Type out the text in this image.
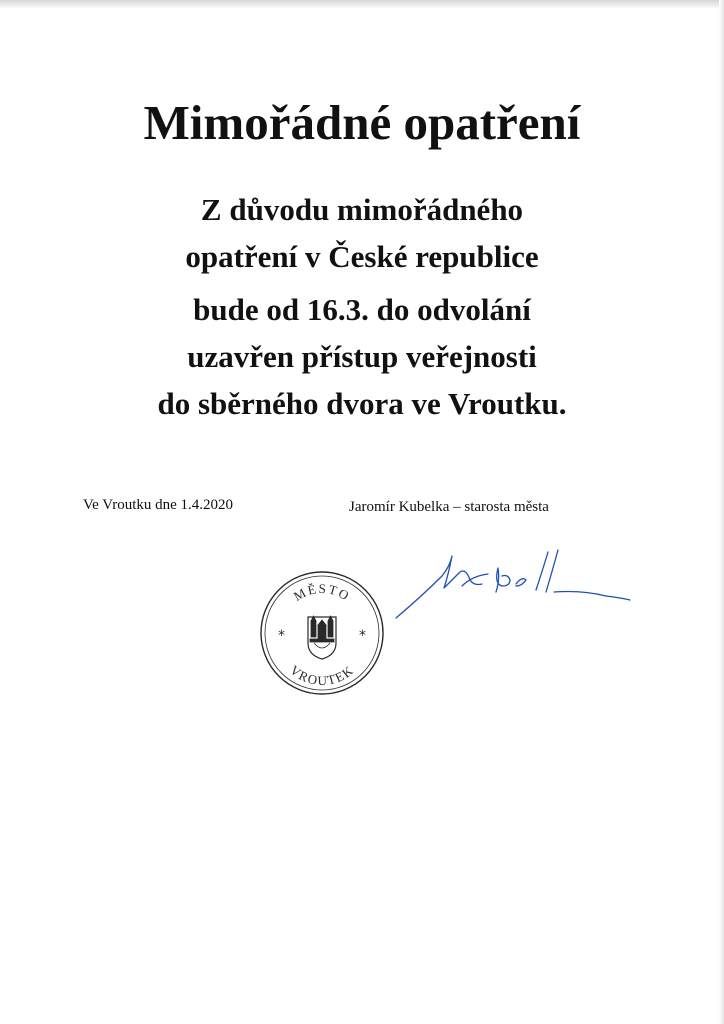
Mimořádné opatření
Z důvodu mimořádného
opatření v České republice
bude od 16.3. do odvolání
uzavřen přístup veřejnosti
do sběrného dvora ve Vroutku.
Ve Vroutku dne 1.4.2020	Jaromír Kubelka – starosta města
MĚSTO
VROUTEK
*	*
